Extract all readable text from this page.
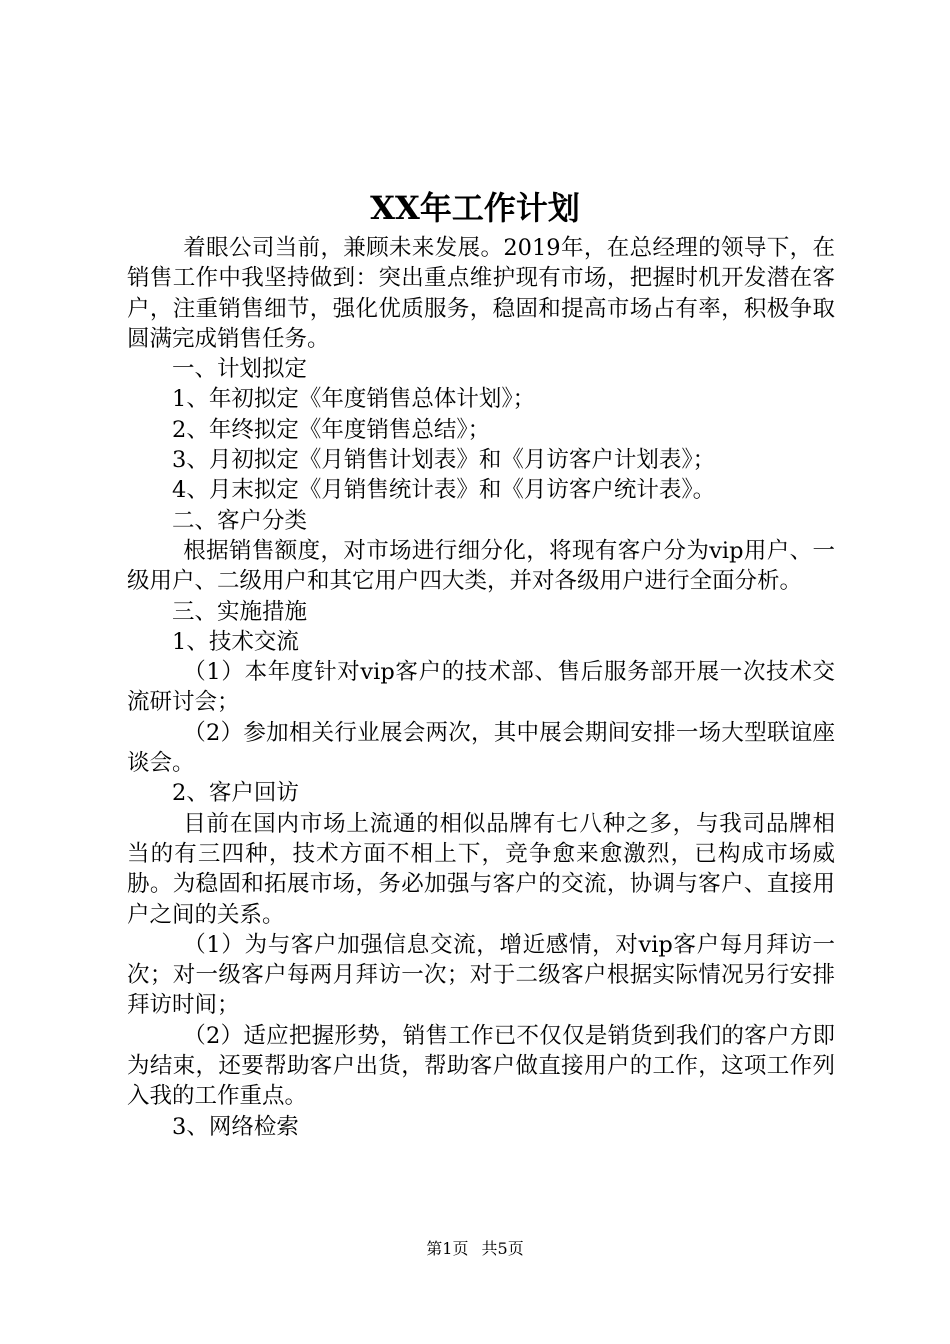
XX年工作计划

着眼公司当前，兼顾未来发展。2019年，在总经理的领导下，在销售工作中我坚持做到：突出重点维护现有市场，把握时机开发潜在客户，注重销售细节，强化优质服务，稳固和提高市场占有率，积极争取圆满完成销售任务。

一、计划拟定

1、年初拟定《年度销售总体计划》；

2、年终拟定《年度销售总结》；

3、月初拟定《月销售计划表》和《月访客户计划表》；

4、月末拟定《月销售统计表》和《月访客户统计表》。

二、客户分类

根据销售额度，对市场进行细分化，将现有客户分为vip用户、一级用户、二级用户和其它用户四大类，并对各级用户进行全面分析。

三、实施措施

1、技术交流

（1）本年度针对vip客户的技术部、售后服务部开展一次技术交流研讨会；

（2）参加相关行业展会两次，其中展会期间安排一场大型联谊座谈会。

2、客户回访

目前在国内市场上流通的相似品牌有七八种之多，与我司品牌相当的有三四种，技术方面不相上下，竞争愈来愈激烈，已构成市场威胁。为稳固和拓展市场，务必加强与客户的交流，协调与客户、直接用户之间的关系。

（1）为与客户加强信息交流，增近感情，对vip客户每月拜访一次；对一级客户每两月拜访一次；对于二级客户根据实际情况另行安排拜访时间；

（2）适应把握形势，销售工作已不仅仅是销货到我们的客户方即为结束，还要帮助客户出货，帮助客户做直接用户的工作，这项工作列入我的工作重点。

3、网络检索

第1页 共5页
